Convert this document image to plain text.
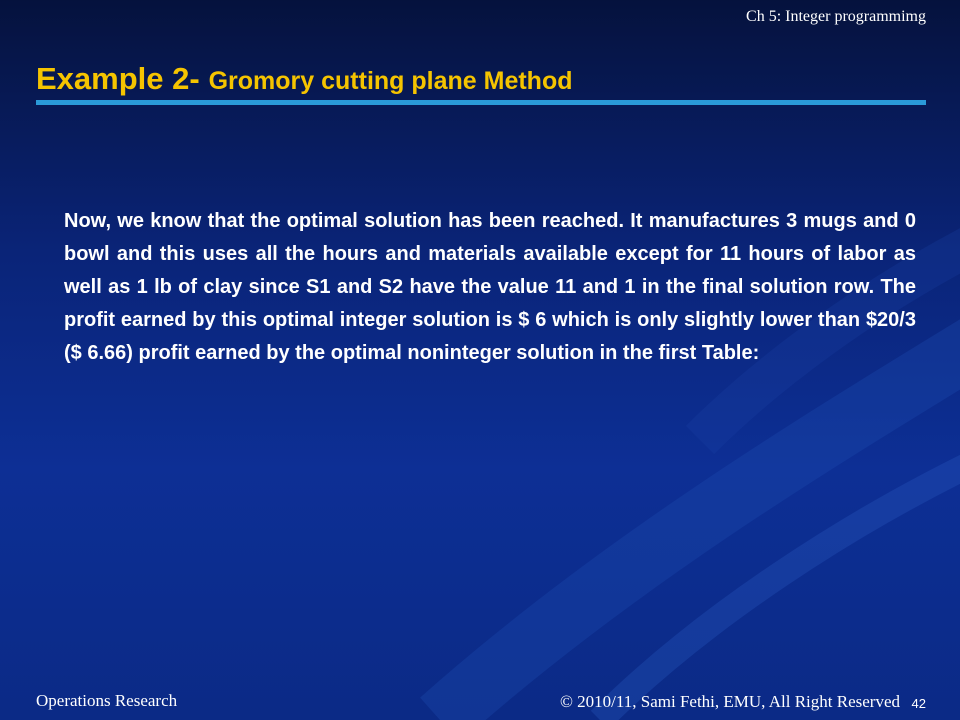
Ch 5: Integer programmimg
Example 2- Gromory cutting plane Method

Now, we know that the optimal solution has been reached. It manufactures 3 mugs and 0 bowl and this uses all the hours and materials available except for 11 hours of labor as well as 1 lb of clay since S1 and S2 have the value 11 and 1 in the final solution row. The profit earned by this optimal integer solution is $ 6 which is only slightly lower than $20/3 ($ 6.66) profit earned by the optimal noninteger solution in the first Table:

Operations Research	© 2010/11, Sami Fethi, EMU, All Right Reserved 42
